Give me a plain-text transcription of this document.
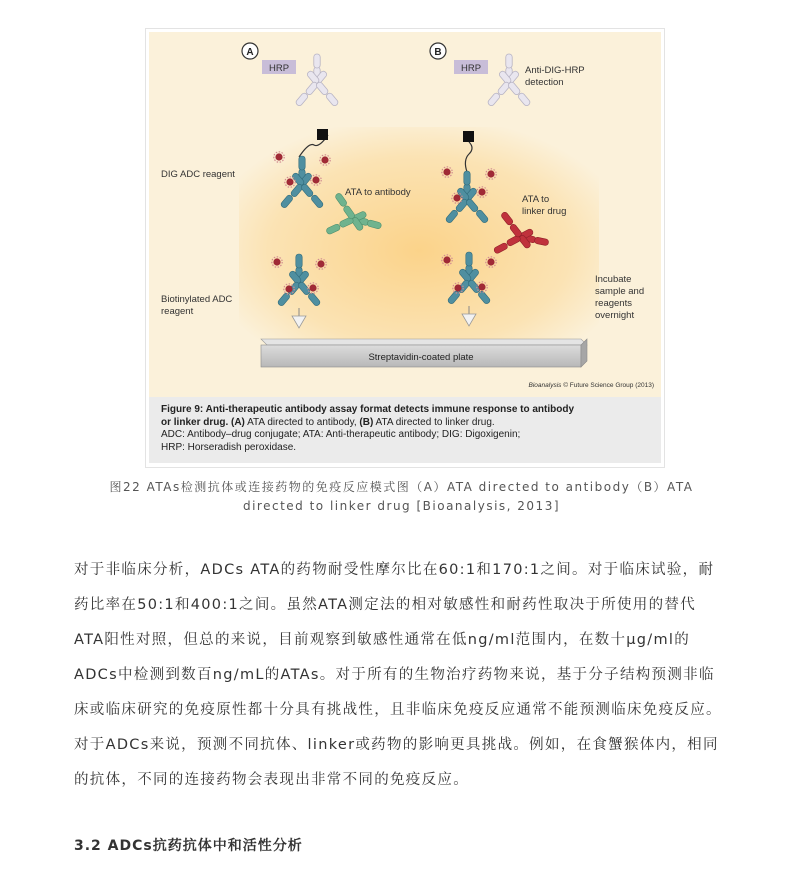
A	B
HRP	HRP	Anti-DIG-HRP
detection
DIG ADC reagent
ATA to antibody
ATA to
linker drug
Biotinylated ADC
reagent
Incubate
sample and
reagents
overnight
Streptavidin-coated plate
Bioanalysis © Future Science Group (2013)
Figure 9: Anti-therapeutic antibody assay format detects immune response to antibody
or linker drug. (A) ATA directed to antibody, (B) ATA directed to linker drug.
ADC: Antibody–drug conjugate; ATA: Anti-therapeutic antibody; DIG: Digoxigenin;
HRP: Horseradish peroxidase.
图22 ATAs检测抗体或连接药物的免疫反应模式图（A）ATA directed to antibody（B）ATA
directed to linker drug [Bioanalysis, 2013]
对于非临床分析，ADCs ATA的药物耐受性摩尔比在60:1和170:1之间。对于临床试验，耐
药比率在50:1和400:1之间。虽然ATA测定法的相对敏感性和耐药性取决于所使用的替代
ATA阳性对照，但总的来说，目前观察到敏感性通常在低ng/ml范围内，在数十μg/ml的
ADCs中检测到数百ng/mL的ATAs。对于所有的生物治疗药物来说，基于分子结构预测非临
床或临床研究的免疫原性都十分具有挑战性，且非临床免疫反应通常不能预测临床免疫反应。
对于ADCs来说，预测不同抗体、linker或药物的影响更具挑战。例如，在食蟹猴体内，相同
的抗体，不同的连接药物会表现出非常不同的免疫反应。
3.2 ADCs抗药抗体中和活性分析
